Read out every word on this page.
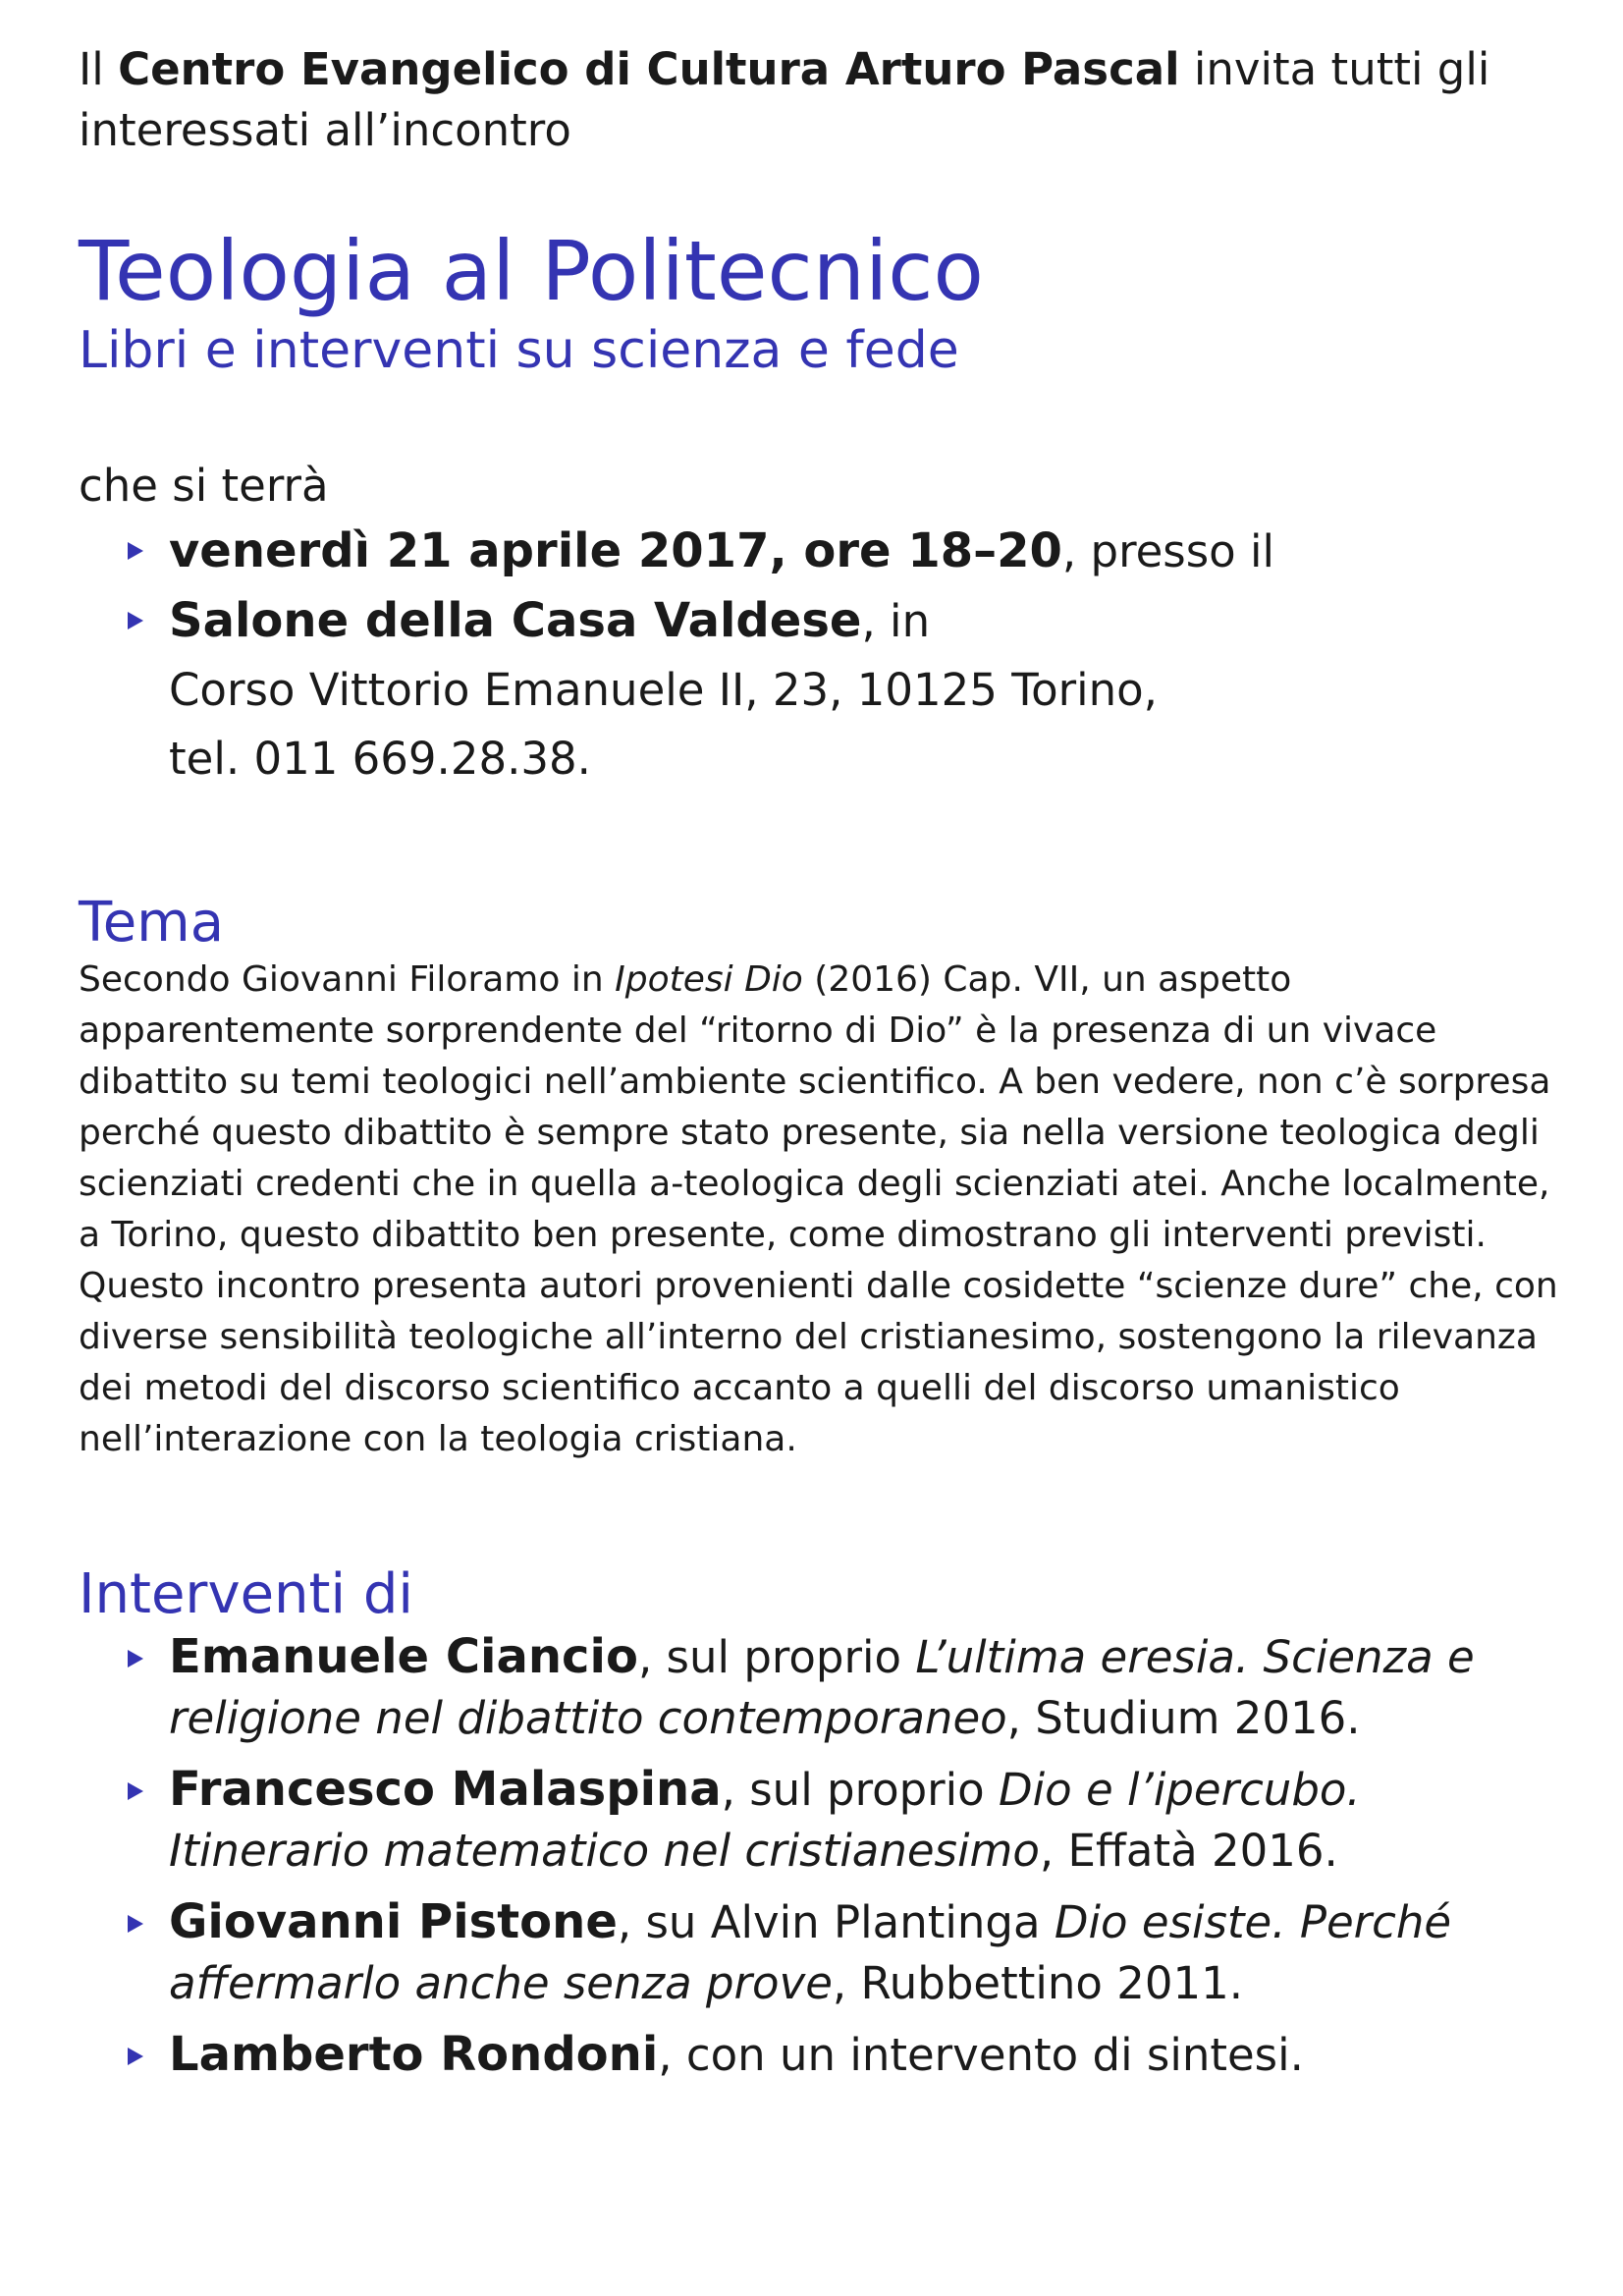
Il Centro Evangelico di Cultura Arturo Pascal invita tutti gli interessati all’incontro

Teologia al Politecnico
Libri e interventi su scienza e fede

che si terrà

venerdì 21 aprile 2017, ore 18–20, presso il
Salone della Casa Valdese, in
Corso Vittorio Emanuele II, 23, 10125 Torino,
tel. 011 669.28.38.
Tema

Secondo Giovanni Filoramo in Ipotesi Dio (2016) Cap. VII, un aspetto apparentemente sorprendente del “ritorno di Dio” è la presenza di un vivace dibattito su temi teologici nell’ambiente scientifico. A ben vedere, non c’è sorpresa perché questo dibattito è sempre stato presente, sia nella versione teologica degli scienziati credenti che in quella a-teologica degli scienziati atei. Anche localmente, a Torino, questo dibattito ben presente, come dimostrano gli interventi previsti. Questo incontro presenta autori provenienti dalle cosidette “scienze dure” che, con diverse sensibilità teologiche all’interno del cristianesimo, sostengono la rilevanza dei metodi del discorso scientifico accanto a quelli del discorso umanistico nell’interazione con la teologia cristiana.

Interventi di
Emanuele Ciancio, sul proprio L’ultima eresia. Scienza e religione nel dibattito contemporaneo, Studium 2016.
Francesco Malaspina, sul proprio Dio e l’ipercubo. Itinerario matematico nel cristianesimo, Effatà 2016.
Giovanni Pistone, su Alvin Plantinga Dio esiste. Perché affermarlo anche senza prove, Rubbettino 2011.
Lamberto Rondoni, con un intervento di sintesi.
